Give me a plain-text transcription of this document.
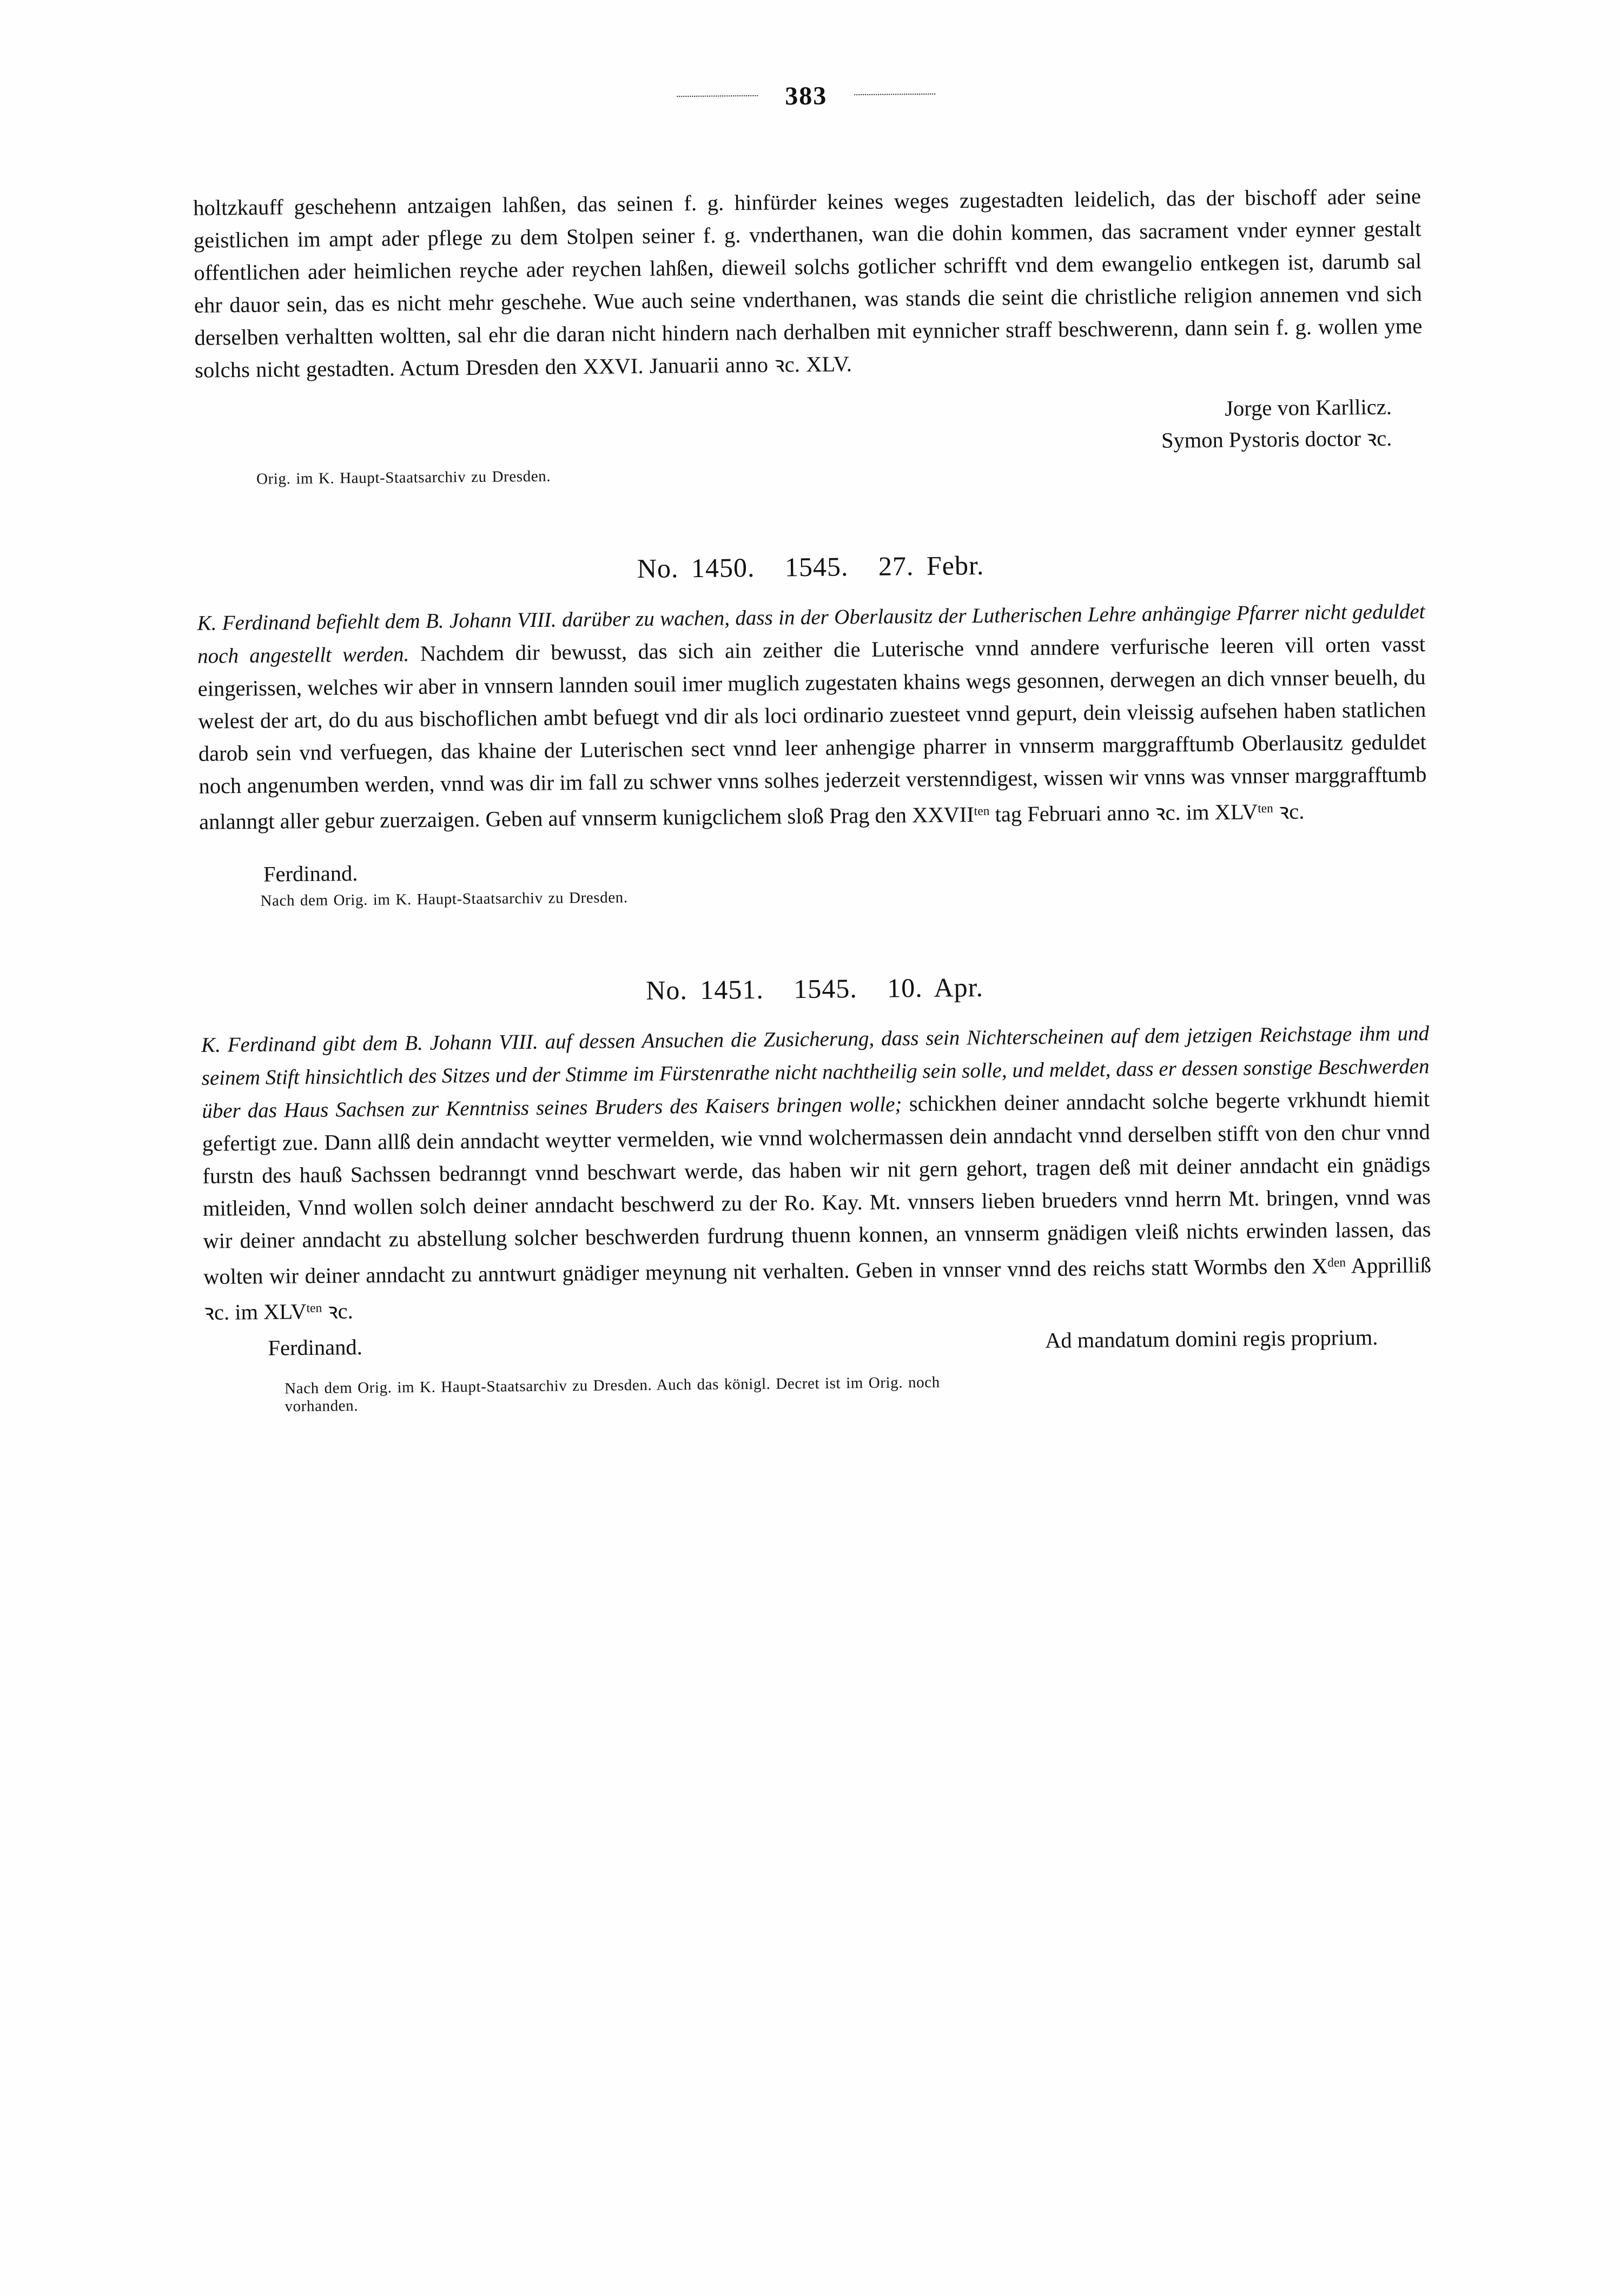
383
holtzkauff geschehenn antzaigen lahßen, das seinen f. g. hinfürder keines weges zugestadten leidelich, das der bischoff ader seine geistlichen im ampt ader pflege zu dem Stolpen seiner f. g. vnderthanen, wan die dohin kommen, das sacrament vnder eynner gestalt offentlichen ader heimlichen reyche ader reychen lahßen, dieweil solchs gotlicher schrifft vnd dem ewangelio entkegen ist, darumb sal ehr dauor sein, das es nicht mehr geschehe. Wue auch seine vnderthanen, was stands die seint die christliche religion annemen vnd sich derselben verhaltten woltten, sal ehr die daran nicht hindern nach derhalben mit eynnicher straff beschwerenn, dann sein f. g. wollen yme solchs nicht gestadten. Actum Dresden den XXVI. Januarii anno ꝛc. XLV.
Jorge von Karllicz.
Symon Pystoris doctor ꝛc.
Orig. im K. Haupt-Staatsarchiv zu Dresden.
No. 1450. 1545. 27. Febr.
K. Ferdinand befiehlt dem B. Johann VIII. darüber zu wachen, dass in der Oberlausitz der Lutherischen Lehre anhängige Pfarrer nicht geduldet noch angestellt werden. Nachdem dir bewusst, das sich ain zeither die Luterische vnnd anndere verfurische leeren vill orten vasst eingerissen, welches wir aber in vnnsern lannden souil imer muglich zugestaten khains wegs gesonnen, derwegen an dich vnnser beuelh, du welest der art, do du aus bischoflichen ambt befuegt vnd dir als loci ordinario zuesteet vnnd gepurt, dein vleissig aufsehen haben statlichen darob sein vnd verfuegen, das khaine der Luterischen sect vnnd leer anhengige pharrer in vnnserm marggrafftumb Oberlausitz geduldet noch angenumben werden, vnnd was dir im fall zu schwer vnns solhes jederzeit verstenndigest, wissen wir vnns was vnnser marggrafftumb anlanngt aller gebur zuerzaigen. Geben auf vnnserm kunigclichem sloß Prag den $XXVII^{ten}$ tag Februari anno ꝛc. im $XLV^{ten}$ ꝛc.
Ferdinand.
Nach dem Orig. im K. Haupt-Staatsarchiv zu Dresden.
No. 1451. 1545. 10. Apr.
K. Ferdinand gibt dem B. Johann VIII. auf dessen Ansuchen die Zusicherung, dass sein Nichterscheinen auf dem jetzigen Reichstage ihm und seinem Stift hinsichtlich des Sitzes und der Stimme im Fürstenrathe nicht nachtheilig sein solle, und meldet, dass er dessen sonstige Beschwerden über das Haus Sachsen zur Kenntniss seines Bruders des Kaisers bringen wolle; schickhen deiner anndacht solche begerte vrkhundt hiemit gefertigt zue. Dann allß dein anndacht weytter vermelden, wie vnnd wolchermassen dein anndacht vnnd derselben stifft von den chur vnnd furstn des hauß Sachssen bedranngt vnnd beschwart werde, das haben wir nit gern gehort, tragen deß mit deiner anndacht ein gnädigs mitleiden, Vnnd wollen solch deiner anndacht beschwerd zu der Ro. Kay. Mt. vnnsers lieben brueders vnnd herrn Mt. bringen, vnnd was wir deiner anndacht zu abstellung solcher beschwerden furdrung thuenn konnen, an vnnserm gnädigen vleiß nichts erwinden lassen, das wolten wir deiner anndacht zu anntwurt gnädiger meynung nit verhalten. Geben in vnnser vnnd des reichs statt Wormbs den $X^{den}$ Apprilliß ꝛc. im $XLV^{ten}$ ꝛc.
Ferdinand.	Ad mandatum domini regis proprium.
Nach dem Orig. im K. Haupt-Staatsarchiv zu Dresden. Auch das königl. Decret ist im Orig. noch
vorhanden.
